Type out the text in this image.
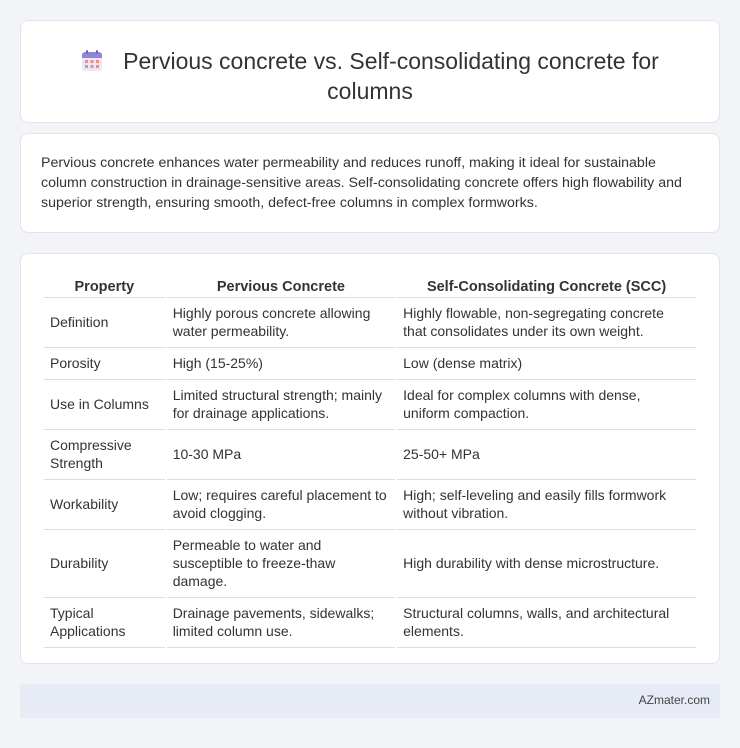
Pervious concrete vs. Self-consolidating concrete for columns

Pervious concrete enhances water permeability and reduces runoff, making it ideal for sustainable column construction in drainage-sensitive areas. Self-consolidating concrete offers high flowability and superior strength, ensuring smooth, defect-free columns in complex formworks.

Property	Pervious Concrete	Self-Consolidating Concrete (SCC)
Definition	Highly porous concrete allowing water permeability.	Highly flowable, non-segregating concrete that consolidates under its own weight.
Porosity	High (15-25%)	Low (dense matrix)
Use in Columns	Limited structural strength; mainly for drainage applications.	Ideal for complex columns with dense, uniform compaction.
Compressive Strength	10-30 MPa	25-50+ MPa
Workability	Low; requires careful placement to avoid clogging.	High; self-leveling and easily fills formwork without vibration.
Durability	Permeable to water and susceptible to freeze-thaw damage.	High durability with dense microstructure.
Typical Applications	Drainage pavements, sidewalks; limited column use.	Structural columns, walls, and architectural elements.
AZmater.com
